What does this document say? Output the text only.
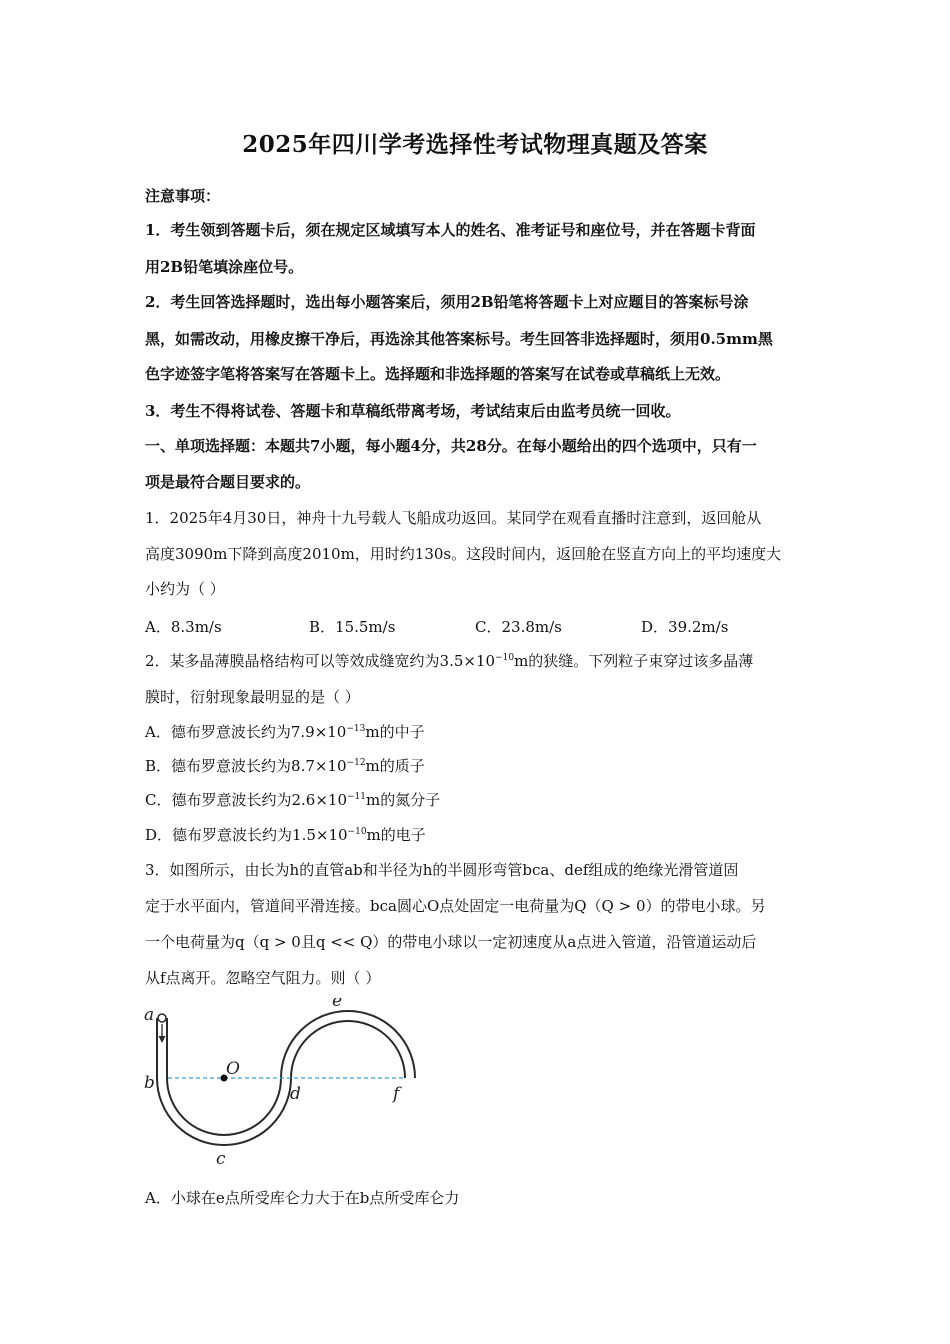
2025年四川学考选择性考试物理真题及答案
注意事项：
1．考生领到答题卡后，须在规定区域填写本人的姓名、准考证号和座位号，并在答题卡背面
用2B铅笔填涂座位号。
2．考生回答选择题时，选出每小题答案后，须用2B铅笔将答题卡上对应题目的答案标号涂
黑，如需改动，用橡皮擦干净后，再选涂其他答案标号。考生回答非选择题时，须用0.5mm黑
色字迹签字笔将答案写在答题卡上。选择题和非选择题的答案写在试卷或草稿纸上无效。
3．考生不得将试卷、答题卡和草稿纸带离考场，考试结束后由监考员统一回收。
一、单项选择题：本题共7小题，每小题4分，共28分。在每小题给出的四个选项中，只有一
项是最符合题目要求的。
1．2025年4月30日，神舟十九号载人飞船成功返回。某同学在观看直播时注意到，返回舱从
高度3090m下降到高度2010m，用时约130s。这段时间内，返回舱在竖直方向上的平均速度大
小约为（ ）
A．8.3m/s	B．15.5m/s	C．23.8m/s	D．39.2m/s
2．某多晶薄膜晶格结构可以等效成缝宽约为$3.5\times 10^{-10}m$的狭缝。下列粒子束穿过该多晶薄
膜时，衍射现象最明显的是（ ）
A．德布罗意波长约为$7.9\times 10^{-13}m$的中子
B．德布罗意波长约为$8.7\times 10^{-12}m$的质子
C．德布罗意波长约为$2.6\times 10^{-11}m$的氮分子
D．德布罗意波长约为$1.5\times 10^{-10}m$的电子
3．如图所示，由长为h的直管ab和半径为h的半圆形弯管bca、def组成的绝缘光滑管道固
定于水平面内，管道间平滑连接。bca圆心O点处固定一电荷量为Q（Q > 0）的带电小球。另
一个电荷量为q（q > 0且q << Q）的带电小球以一定初速度从a点进入管道，沿管道运动后
从f点离开。忽略空气阻力。则（ ）
a
b
c
d
e
f
O
A．小球在e点所受库仑力大于在b点所受库仑力
